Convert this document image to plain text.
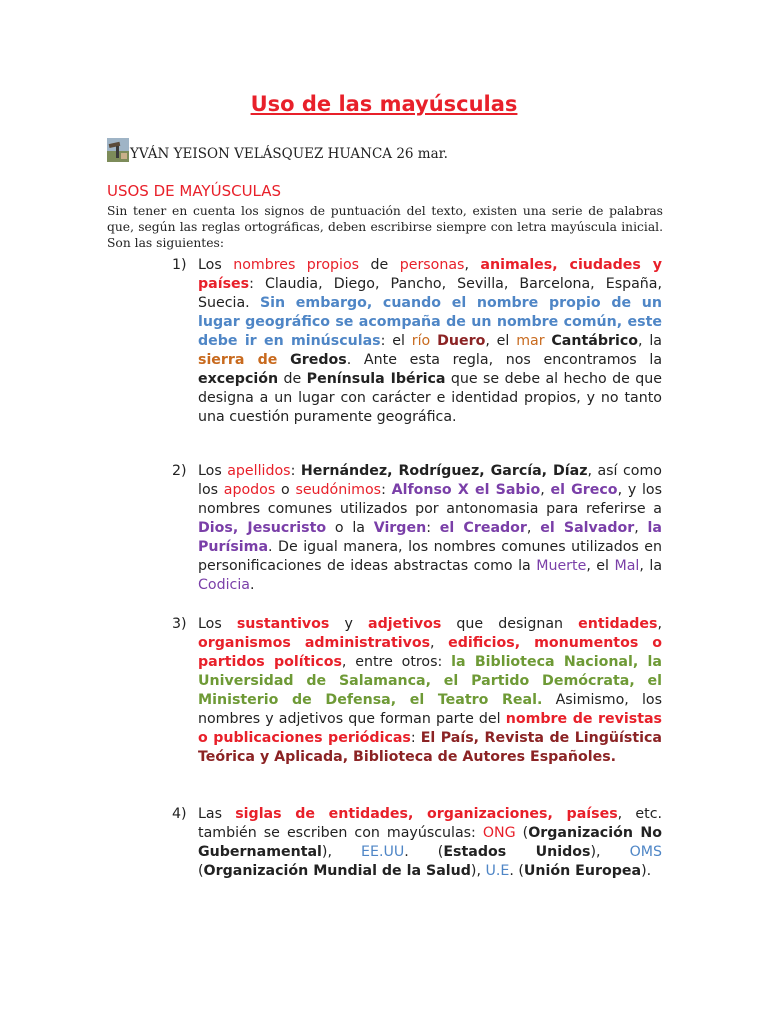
Uso de las mayúsculas
YVÁN YEISON VELÁSQUEZ HUANCA
26 mar.
USOS DE MAYÚSCULAS

Sin tener en cuenta los signos de puntuación del texto, existen una serie de palabras que, según las reglas ortográficas, deben escribirse siempre con letra mayúscula inicial. Son las siguientes:

1) Los nombres propios de personas, animales, ciudades y países: Claudia, Diego, Pancho, Sevilla, Barcelona, España, Suecia. Sin embargo, cuando el nombre propio de un lugar geográfico se acompaña de un nombre común, este debe ir en minúsculas: el río Duero, el mar Cantábrico, la sierra de Gredos. Ante esta regla, nos encontramos la excepción de Península Ibérica que se debe al hecho de que designa a un lugar con carácter e identidad propios, y no tanto una cuestión puramente geográfica.
2) Los apellidos: Hernández, Rodríguez, García, Díaz, así como los apodos o seudónimos: Alfonso X el Sabio, el Greco, y los nombres comunes utilizados por antonomasia para referirse a Dios, Jesucristo o la Virgen: el Creador, el Salvador, la Purísima. De igual manera, los nombres comunes utilizados en personificaciones de ideas abstractas como la Muerte, el Mal, la Codicia.
3) Los sustantivos y adjetivos que designan entidades, organismos administrativos, edificios, monumentos o partidos políticos, entre otros: la Biblioteca Nacional, la Universidad de Salamanca, el Partido Demócrata, el Ministerio de Defensa, el Teatro Real. Asimismo, los nombres y adjetivos que forman parte del nombre de revistas o publicaciones periódicas: El País, Revista de Lingüística Teórica y Aplicada, Biblioteca de Autores Españoles.
4) Las siglas de entidades, organizaciones, países, etc. también se escriben con mayúsculas: ONG (Organización No Gubernamental), EE.UU. (Estados Unidos), OMS (Organización Mundial de la Salud), U.E. (Unión Europea).
